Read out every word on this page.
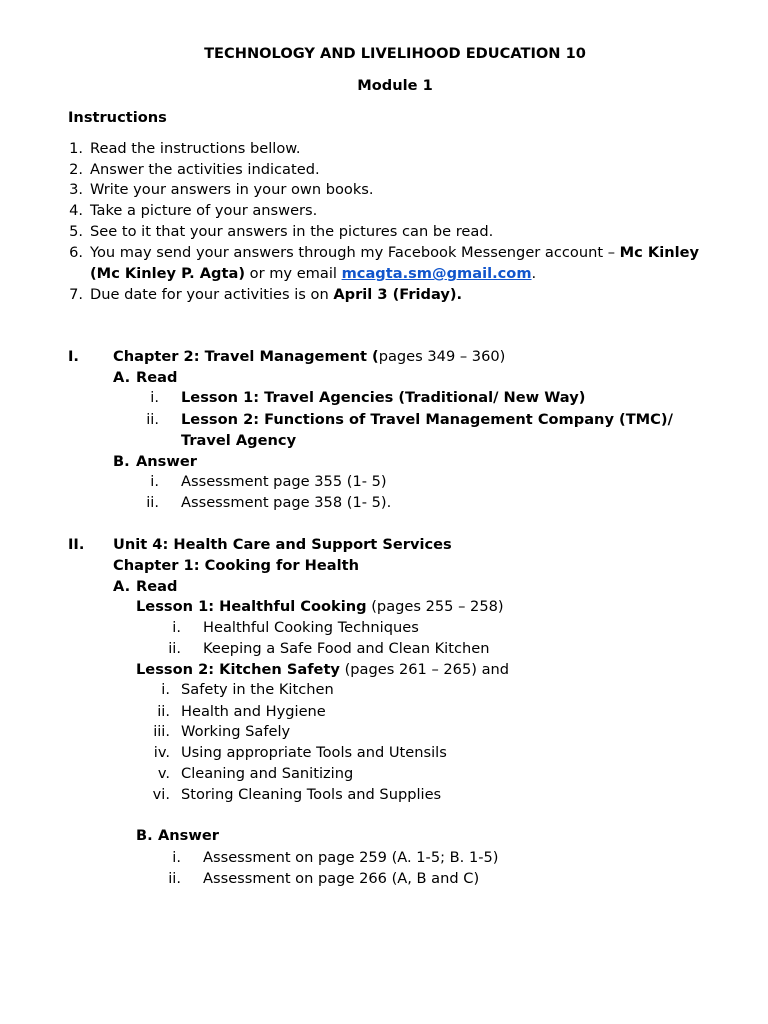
TECHNOLOGY AND LIVELIHOOD EDUCATION 10
Module 1
Instructions
1. Read the instructions bellow.
2. Answer the activities indicated.
3. Write your answers in your own books.
4. Take a picture of your answers.
5. See to it that your answers in the pictures can be read.
6. You may send your answers through my Facebook Messenger account – Mc Kinley
(Mc Kinley P. Agta) or my email mcagta.sm@gmail.com.
7. Due date for your activities is on April 3 (Friday).
I. Chapter 2: Travel Management (pages 349 – 360)
A. Read
i. Lesson 1: Travel Agencies (Traditional/ New Way)
ii. Lesson 2: Functions of Travel Management Company (TMC)/
Travel Agency
B. Answer
i. Assessment page 355 (1- 5)
ii. Assessment page 358 (1- 5).
II. Unit 4: Health Care and Support Services
Chapter 1: Cooking for Health
A. Read
Lesson 1: Healthful Cooking (pages 255 – 258)
i. Healthful Cooking Techniques
ii. Keeping a Safe Food and Clean Kitchen
Lesson 2: Kitchen Safety (pages 261 – 265) and
i. Safety in the Kitchen
ii. Health and Hygiene
iii. Working Safely
iv. Using appropriate Tools and Utensils
v. Cleaning and Sanitizing
vi. Storing Cleaning Tools and Supplies
B. Answer
i. Assessment on page 259 (A. 1-5; B. 1-5)
ii. Assessment on page 266 (A, B and C)
